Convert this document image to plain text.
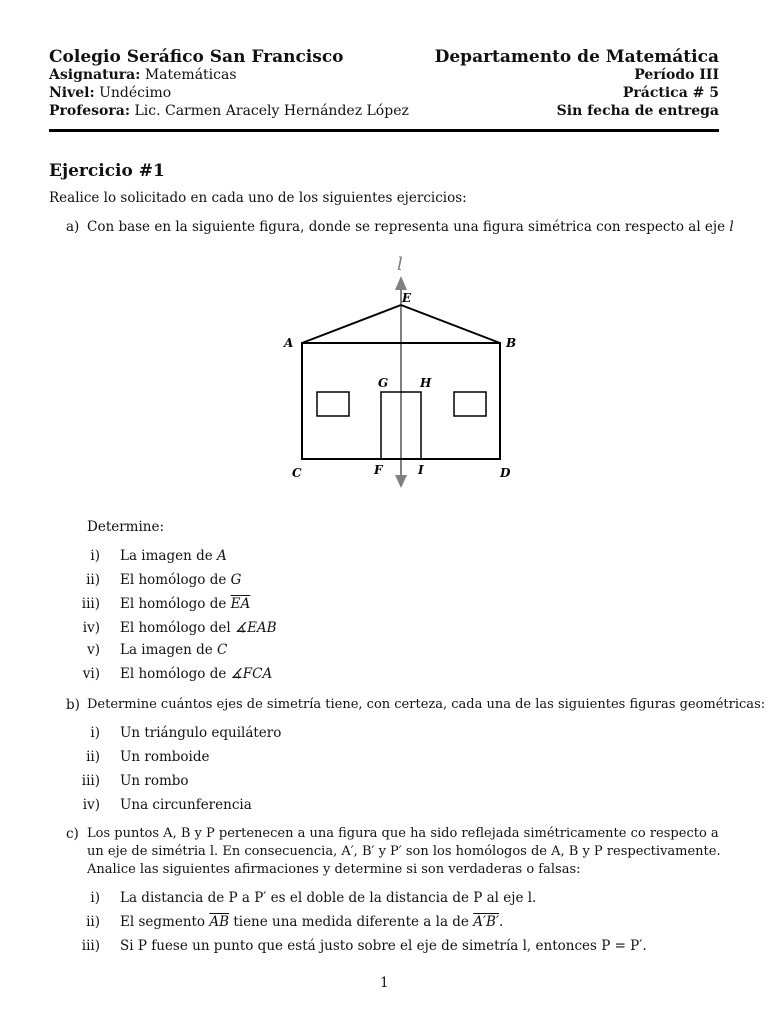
Colegio Seráfico San Francisco	Departamento de Matemática
Asignatura: Matemáticas	Período III
Nivel: Undécimo	Práctica # 5
Profesora: Lic. Carmen Aracely Hernández López	Sin fecha de entrega
Ejercicio #1
Realice lo solicitado en cada uno de los siguientes ejercicios:
a) Con base en la siguiente figura, donde se representa una figura simétrica con respecto al eje l
l
E
A	B
G	H
C	F	I	D
Determine:
i) La imagen de A
ii) El homólogo de G
iii) El homólogo de $\overline{EA}$
iv) El homólogo del ∡EAB
v) La imagen de C
vi) El homólogo de ∡FCA
b) Determine cuántos ejes de simetría tiene, con certeza, cada una de las siguientes figuras geométricas:
i) Un triángulo equilátero
ii) Un romboide
iii) Un rombo
iv) Una circunferencia
c) Los puntos A, B y P pertenecen a una figura que ha sido reflejada simétricamente co respecto a
un eje de simétria l. En consecuencia, A′, B′ y P′ son los homólogos de A, B y P respectivamente.
Analice las siguientes afirmaciones y determine si son verdaderas o falsas:
i) La distancia de P a P′ es el doble de la distancia de P al eje l.
ii) El segmento $\overline{AB}$ tiene una medida diferente a la de A′B′.
iii) Si P fuese un punto que está justo sobre el eje de simetría l, entonces P = P′.
1
